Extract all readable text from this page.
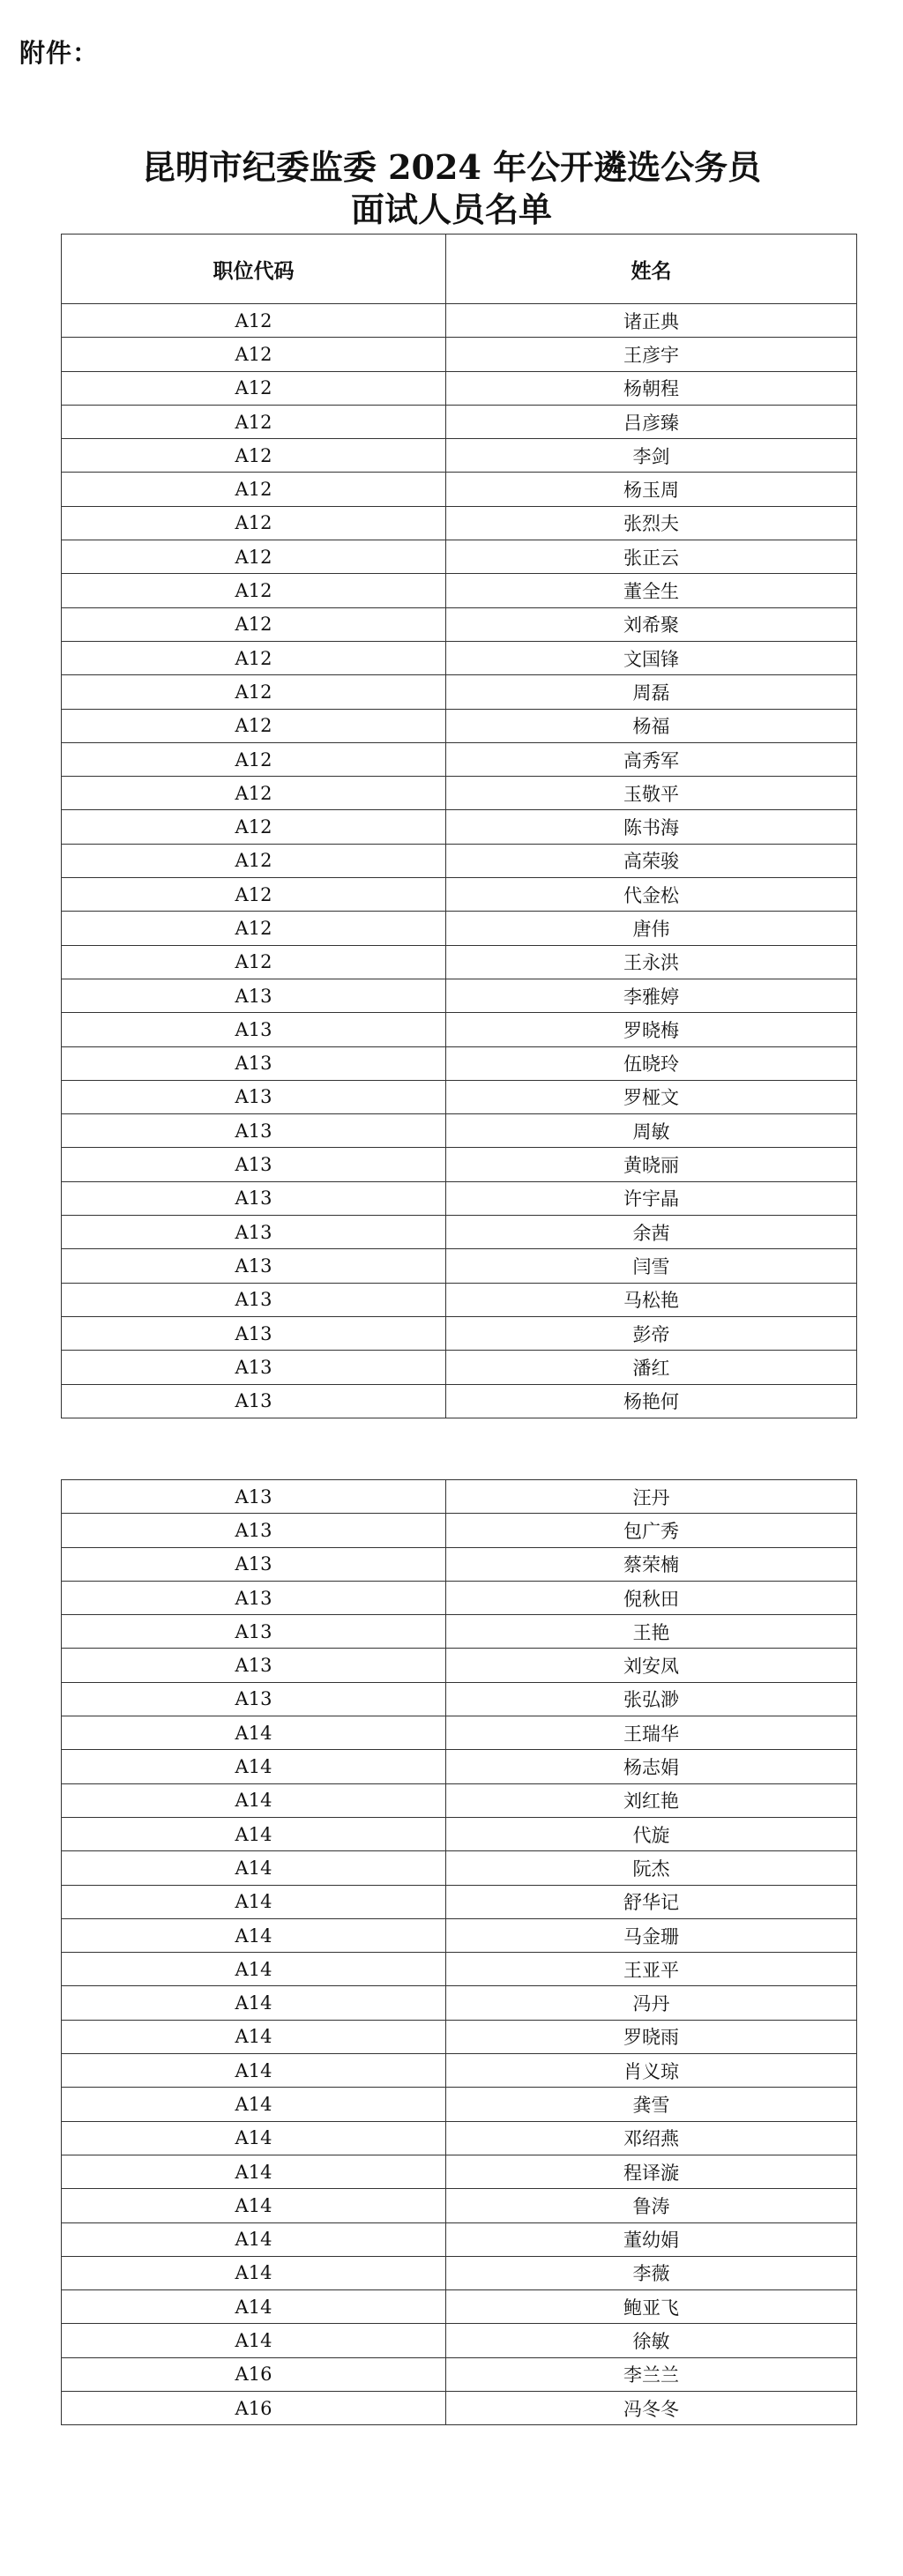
附件：
昆明市纪委监委 2024 年公开遴选公务员
面试人员名单
职位代码	姓名
A12	诸正典
A12	王彦宇
A12	杨朝程
A12	吕彦臻
A12	李剑
A12	杨玉周
A12	张烈夫
A12	张正云
A12	董全生
A12	刘希聚
A12	文国锋
A12	周磊
A12	杨福
A12	高秀军
A12	玉敬平
A12	陈书海
A12	高荣骏
A12	代金松
A12	唐伟
A12	王永洪
A13	李雅婷
A13	罗晓梅
A13	伍晓玲
A13	罗桠文
A13	周敏
A13	黄晓丽
A13	许宇晶
A13	余茜
A13	闫雪
A13	马松艳
A13	彭帝
A13	潘红
A13	杨艳何
A13	汪丹
A13	包广秀
A13	蔡荣楠
A13	倪秋田
A13	王艳
A13	刘安凤
A13	张弘渺
A14	王瑞华
A14	杨志娟
A14	刘红艳
A14	代旋
A14	阮杰
A14	舒华记
A14	马金珊
A14	王亚平
A14	冯丹
A14	罗晓雨
A14	肖义琼
A14	龚雪
A14	邓绍燕
A14	程译漩
A14	鲁涛
A14	董幼娟
A14	李薇
A14	鲍亚飞
A14	徐敏
A16	李兰兰
A16	冯冬冬
